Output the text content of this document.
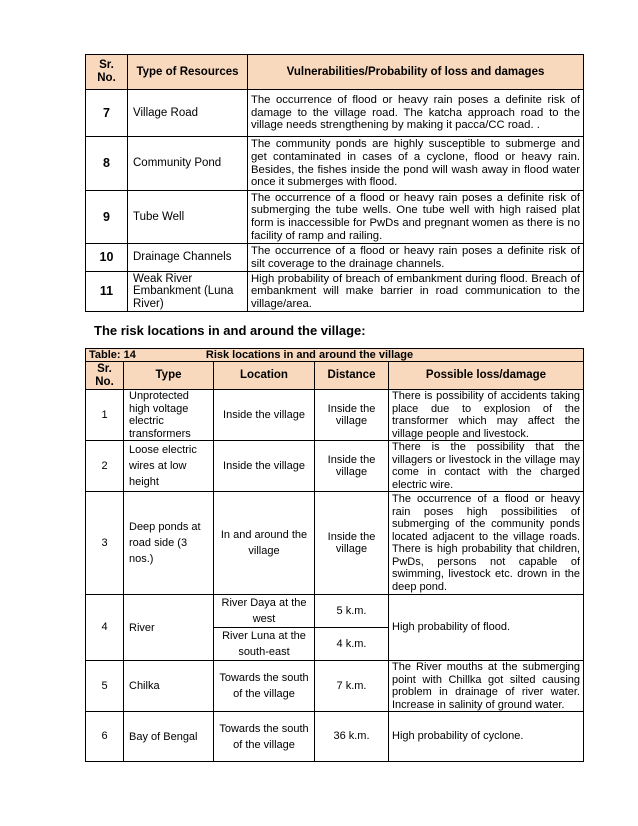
Sr. No.	Type of Resources	Vulnerabilities/Probability of loss and damages
7	Village Road	The occurrence of flood or heavy rain poses a definite risk of damage to the village road. The katcha approach road to the village needs strengthening by making it pacca/CC road. .
8	Community Pond	The community ponds are highly susceptible to submerge and get contaminated in cases of a cyclone, flood or heavy rain. Besides, the fishes inside the pond will wash away in flood water once it submerges with flood.
9	Tube Well	The occurrence of a flood or heavy rain poses a definite risk of submerging the tube wells. One tube well with high raised plat form is inaccessible for PwDs and pregnant women as there is no facility of ramp and railing.
10	Drainage Channels	The occurrence of a flood or heavy rain poses a definite risk of silt coverage to the drainage channels.
11	Weak River Embankment (Luna River)	High probability of breach of embankment during flood. Breach of embankment will make barrier in road communication to the village/area.
The risk locations in and around the village:
Table: 14 Risk locations in and around the village				
Sr. No.	Type	Location	Distance	Possible loss/damage
1	Unprotected high voltage electric transformers	Inside the village	Inside the village	There is possibility of accidents taking place due to explosion of the transformer which may affect the village people and livestock.
2	Loose electric wires at low height	Inside the village	Inside the village	There is the possibility that the villagers or livestock in the village may come in contact with the charged electric wire.
3	Deep ponds at road side (3 nos.)	In and around the village	Inside the village	The occurrence of a flood or heavy rain poses high possibilities of submerging of the community ponds located adjacent to the village roads. There is high probability that children, PwDs, persons not capable of swimming, livestock etc. drown in the deep pond.
4	River	River Daya at the west	5 k.m.	High probability of flood.
		River Luna at the south-east	4 k.m.	
5	Chilka	Towards the south of the village	7 k.m.	The River mouths at the submerging point with Chillka got silted causing problem in drainage of river water. Increase in salinity of ground water.
6	Bay of Bengal	Towards the south of the village	36 k.m.	High probability of cyclone.
